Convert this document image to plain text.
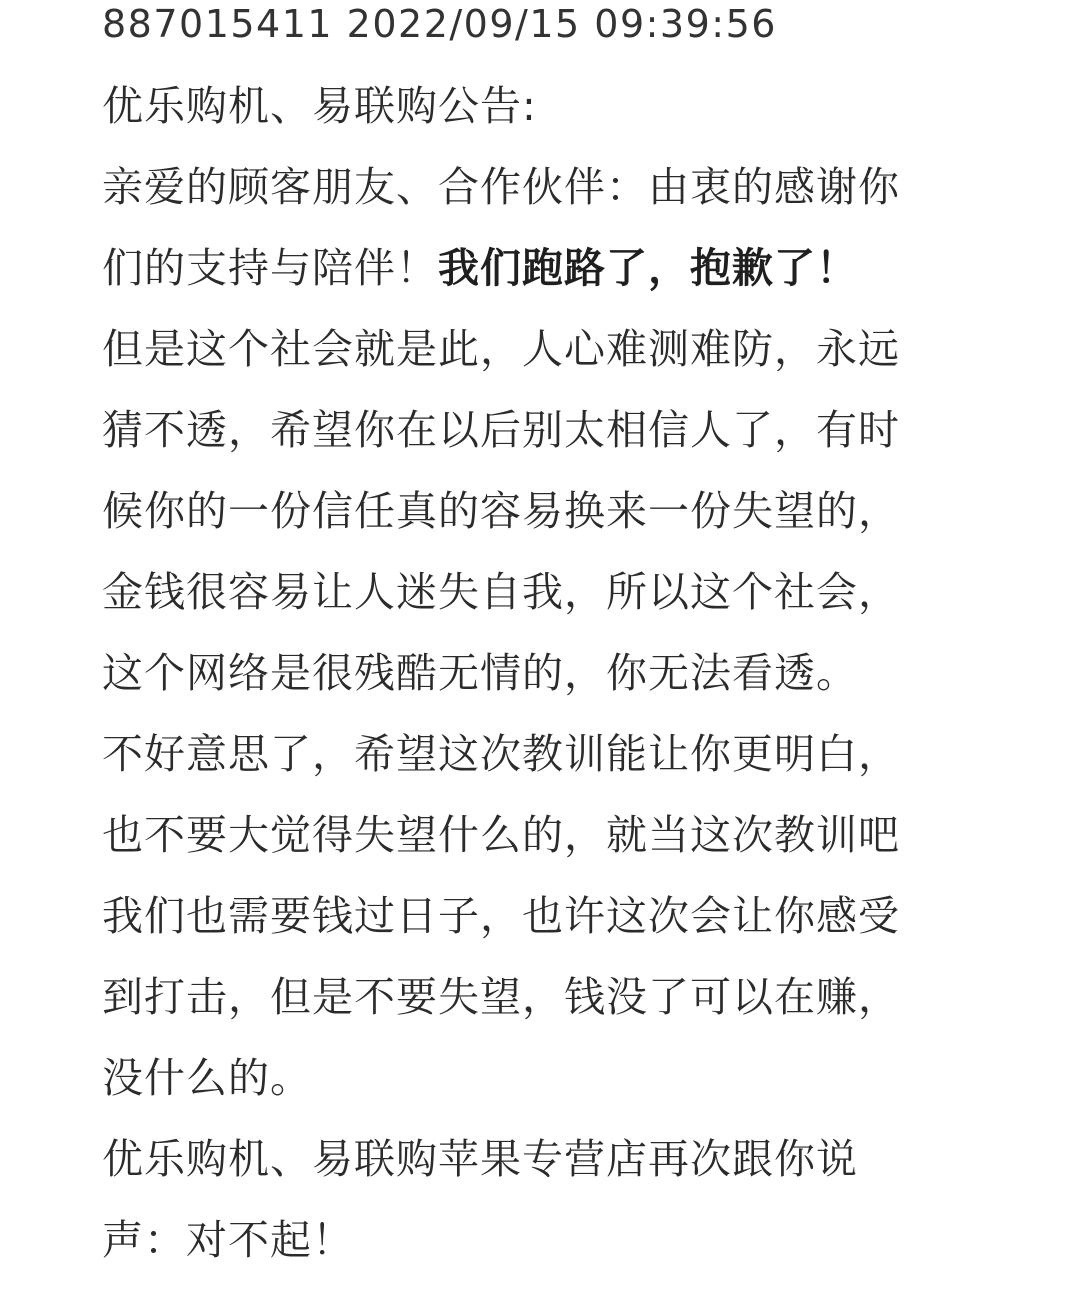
887015411 2022/09/15 09:39:56
优乐购机、易联购公告:
亲爱的顾客朋友、合作伙伴：由衷的感谢你
们的支持与陪伴！我们跑路了，抱歉了！
但是这个社会就是此，人心难测难防，永远
猜不透，希望你在以后别太相信人了，有时
候你的一份信任真的容易换来一份失望的，
金钱很容易让人迷失自我，所以这个社会，
这个网络是很残酷无情的，你无法看透。
不好意思了，希望这次教训能让你更明白，
也不要大觉得失望什么的，就当这次教训吧
我们也需要钱过日子，也许这次会让你感受
到打击，但是不要失望，钱没了可以在赚，
没什么的。
优乐购机、易联购苹果专营店再次跟你说
声：对不起！
